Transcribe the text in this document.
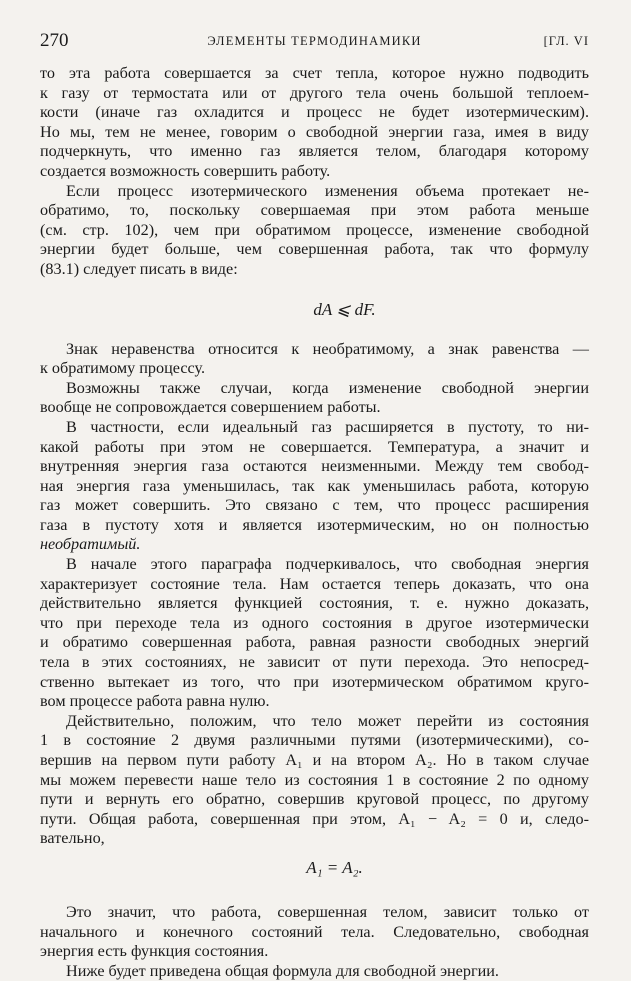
270	ЭЛЕМЕНТЫ ТЕРМОДИНАМИКИ	[ГЛ. VI
то эта работа совершается за счет тепла, которое нужно подводить
к газу от термостата или от другого тела очень большой теплоем-
кости (иначе газ охладится и процесс не будет изотермическим).
Но мы, тем не менее, говорим о свободной энергии газа, имея в виду
подчеркнуть, что именно газ является телом, благодаря которому
создается возможность совершить работу.
Если процесс изотермического изменения объема протекает не-
обратимо, то, поскольку совершаемая при этом работа меньше
(см. стр. 102), чем при обратимом процессе, изменение свободной
энергии будет больше, чем совершенная работа, так что формулу
(83.1) следует писать в виде:
dA ⩽ dF.
Знак неравенства относится к необратимому, а знак равенства —
к обратимому процессу.
Возможны также случаи, когда изменение свободной энергии
вообще не сопровождается совершением работы.
В частности, если идеальный газ расширяется в пустоту, то ни-
какой работы при этом не совершается. Температура, а значит и
внутренняя энергия газа остаются неизменными. Между тем свобод-
ная энергия газа уменьшилась, так как уменьшилась работа, которую
газ может совершить. Это связано с тем, что процесс расширения
газа в пустоту хотя и является изотермическим, но он полностью
необратимый.
В начале этого параграфа подчеркивалось, что свободная энергия
характеризует состояние тела. Нам остается теперь доказать, что она
действительно является функцией состояния, т. е. нужно доказать,
что при переходе тела из одного состояния в другое изотермически
и обратимо совершенная работа, равная разности свободных энергий
тела в этих состояниях, не зависит от пути перехода. Это непосред-
ственно вытекает из того, что при изотермическом обратимом круго-
вом процессе работа равна нулю.
Действительно, положим, что тело может перейти из состояния
1 в состояние 2 двумя различными путями (изотермическими), со-
вершив на первом пути работу A₁ и на втором A₂. Но в таком случае
мы можем перевести наше тело из состояния 1 в состояние 2 по одному
пути и вернуть его обратно, совершив круговой процесс, по другому
пути. Общая работа, совершенная при этом, A₁ − A₂ = 0 и, следо-
вательно,
A₁ = A₂.
Это значит, что работа, совершенная телом, зависит только от
начального и конечного состояний тела. Следовательно, свободная
энергия есть функция состояния.
Ниже будет приведена общая формула для свободной энергии.
